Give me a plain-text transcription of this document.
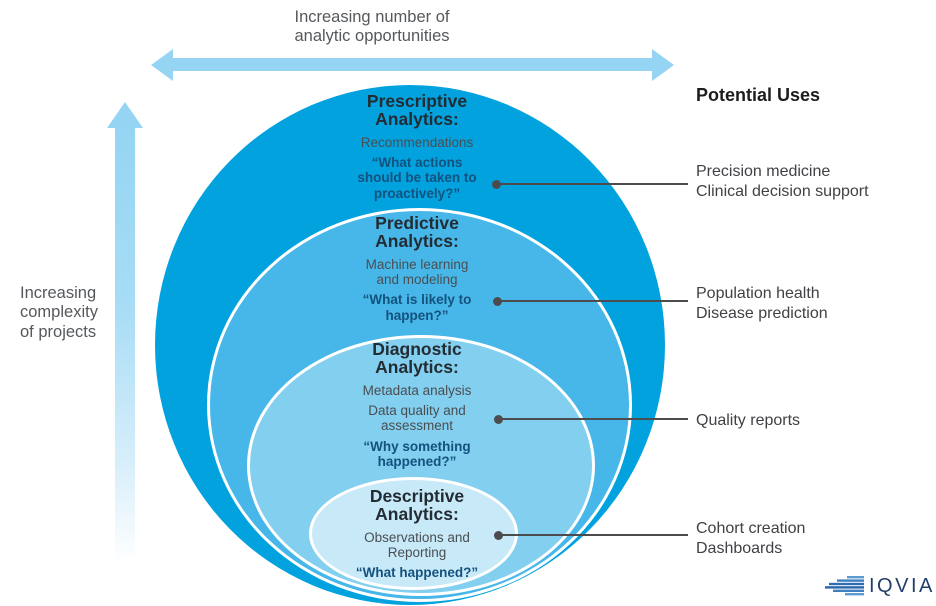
Increasing number of
analytic opportunities
Increasing
complexity
of projects
Prescriptive
Analytics:
Recommendations
“What actions
should be taken to
proactively?”
Predictive
Analytics:
Machine learning
and modeling
“What is likely to
happen?”
Diagnostic
Analytics:
Metadata analysis
Data quality and
assessment
“Why something
happened?”
Descriptive
Analytics:
Observations and
Reporting
“What happened?”
Potential Uses
Precision medicine
Clinical decision support
Population health
Disease prediction
Quality reports
Cohort creation
Dashboards
IQVIA
